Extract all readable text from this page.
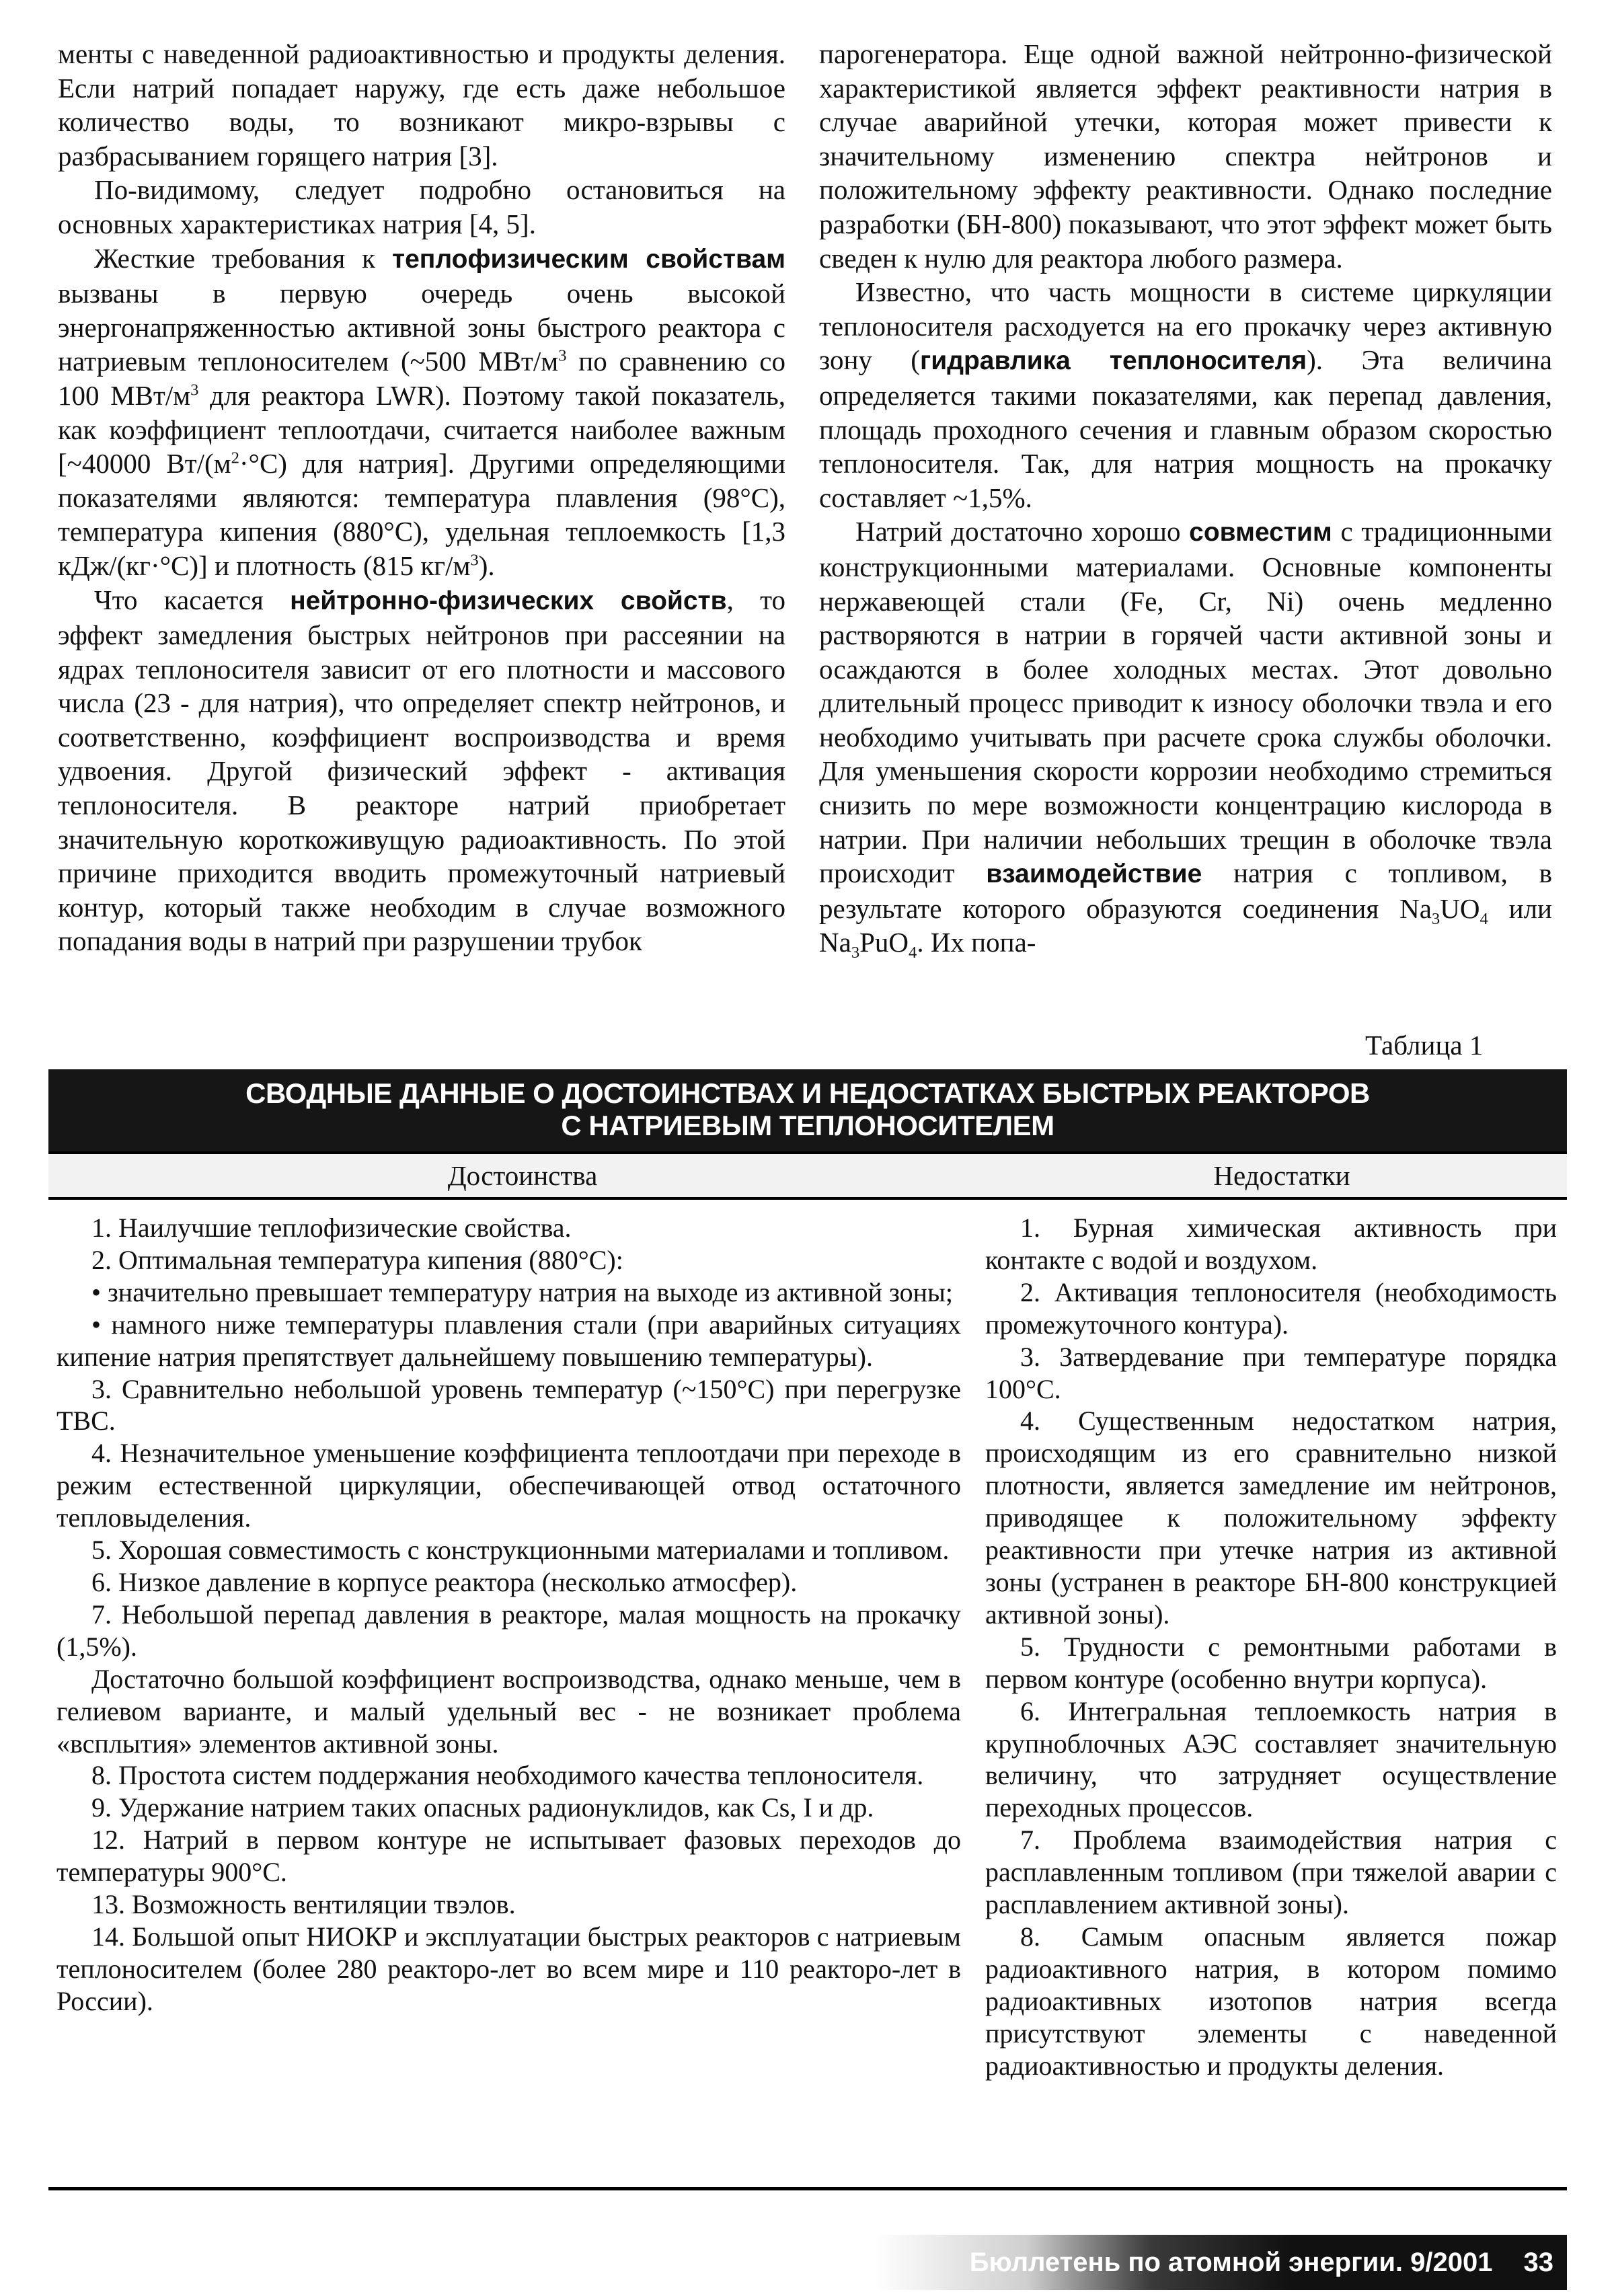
менты с наведенной радиоактивностью и продукты деления. Если натрий попадает наружу, где есть даже небольшое количество воды, то возникают микро-взрывы с разбрасыванием горящего натрия [3].

По-видимому, следует подробно остановиться на основных характеристиках натрия [4, 5].

Жесткие требования к теплофизическим свойствам вызваны в первую очередь очень высокой энергонапряженностью активной зоны быстрого реактора с натриевым теплоносителем (~500 МВт/$м^3$ по сравнению со 100 МВт/$м^3$ для реактора LWR). Поэтому такой показатель, как коэффициент теплоотдачи, считается наиболее важным [~40000 $Вт/(м^2\cdot^\circ С)$ для натрия]. Другими определяющими показателями являются: температура плавления (98°С), температура кипения (880°С), удельная теплоемкость [1,3 кДж/(кг·°С)] и плотность (815 $кг/м^3$).

Что касается нейтронно-физических свойств, то эффект замедления быстрых нейтронов при рассеянии на ядрах теплоносителя зависит от его плотности и массового числа (23 - для натрия), что определяет спектр нейтронов, и соответственно, коэффициент воспроизводства и время удвоения. Другой физический эффект - активация теплоносителя. В реакторе натрий приобретает значительную короткоживущую радиоактивность. По этой причине приходится вводить промежуточный натриевый контур, который также необходим в случае возможного попадания воды в натрий при разрушении трубок

парогенератора. Еще одной важной нейтронно-физической характеристикой является эффект реактивности натрия в случае аварийной утечки, которая может привести к значительному изменению спектра нейтронов и положительному эффекту реактивности. Однако последние разработки (БН-800) показывают, что этот эффект может быть сведен к нулю для реактора любого размера.

Известно, что часть мощности в системе циркуляции теплоносителя расходуется на его прокачку через активную зону (гидравлика теплоносителя). Эта величина определяется такими показателями, как перепад давления, площадь проходного сечения и главным образом скоростью теплоносителя. Так, для натрия мощность на прокачку составляет ~1,5%.

Натрий достаточно хорошо совместим с традиционными конструкционными материалами. Основные компоненты нержавеющей стали (Fe, Cr, Ni) очень медленно растворяются в натрии в горячей части активной зоны и осаждаются в более холодных местах. Этот довольно длительный процесс приводит к износу оболочки твэла и его необходимо учитывать при расчете срока службы оболочки. Для уменьшения скорости коррозии необходимо стремиться снизить по мере возможности концентрацию кислорода в натрии. При наличии небольших трещин в оболочке твэла происходит взаимодействие натрия с топливом, в результате которого образуются соединения $Na_3UO_4$ или $Na_3PuO_4$. Их попа-

Таблица 1
СВОДНЫЕ ДАННЫЕ О ДОСТОИНСТВАХ И НЕДОСТАТКАХ БЫСТРЫХ РЕАКТОРОВ
С НАТРИЕВЫМ ТЕПЛОНОСИТЕЛЕМ
Достоинства	Недостатки

1. Наилучшие теплофизические свойства.

2. Оптимальная температура кипения (880°С):

• значительно превышает температуру натрия на выходе из активной зоны;

• намного ниже температуры плавления стали (при аварийных ситуациях кипение натрия препятствует дальнейшему повышению температуры).

3. Сравнительно небольшой уровень температур (~150°С) при перегрузке ТВС.

4. Незначительное уменьшение коэффициента теплоотдачи при переходе в режим естественной циркуляции, обеспечивающей отвод остаточного тепловыделения.

5. Хорошая совместимость с конструкционными материалами и топливом.

6. Низкое давление в корпусе реактора (несколько атмосфер).

7. Небольшой перепад давления в реакторе, малая мощность на прокачку (1,5%).

Достаточно большой коэффициент воспроизводства, однако меньше, чем в гелиевом варианте, и малый удельный вес - не возникает проблема «всплытия» элементов активной зоны.

8. Простота систем поддержания необходимого качества теплоносителя.

9. Удержание натрием таких опасных радионуклидов, как Cs, I и др.

12. Натрий в первом контуре не испытывает фазовых переходов до температуры 900°С.

13. Возможность вентиляции твэлов.

14. Большой опыт НИОКР и эксплуатации быстрых реакторов с натриевым теплоносителем (более 280 реакторо-лет во всем мире и 110 реакторо-лет в России).

1. Бурная химическая активность при контакте с водой и воздухом.

2. Активация теплоносителя (необходимость промежуточного контура).

3. Затвердевание при температуре порядка 100°С.

4. Существенным недостатком натрия, происходящим из его сравнительно низкой плотности, является замедление им нейтронов, приводящее к положительному эффекту реактивности при утечке натрия из активной зоны (устранен в реакторе БН-800 конструкцией активной зоны).

5. Трудности с ремонтными работами в первом контуре (особенно внутри корпуса).

6. Интегральная теплоемкость натрия в крупноблочных АЭС составляет значительную величину, что затрудняет осуществление переходных процессов.

7. Проблема взаимодействия натрия с расплавленным топливом (при тяжелой аварии с расплавлением активной зоны).

8. Самым опасным является пожар радиоактивного натрия, в котором помимо радиоактивных изотопов натрия всегда присутствуют элементы с наведенной радиоактивностью и продукты деления.

Бюллетень по атомной энергии. 9/2001	33
